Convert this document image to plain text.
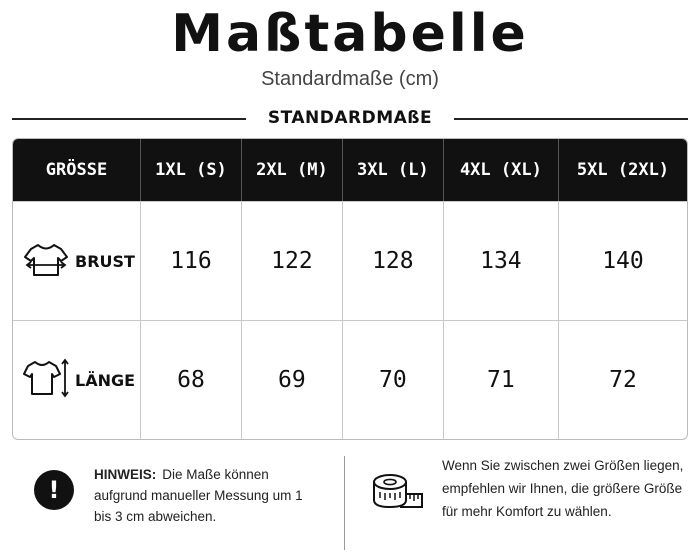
Maßtabelle
Standardmaße (cm)
STANDARDMAßE
GRÖSSE	1XL (S)	2XL (M)	3XL (L)	4XL (XL)	5XL (2XL)

BRUST	116	122	128	134	140

LÄNGE	68	69	70	71	72
!
HINWEIS: Die Maße können aufgrund manueller Messung um 1 bis 3 cm abweichen.
Wenn Sie zwischen zwei Größen liegen, empfehlen wir Ihnen, die größere Größe für mehr Komfort zu wählen.
